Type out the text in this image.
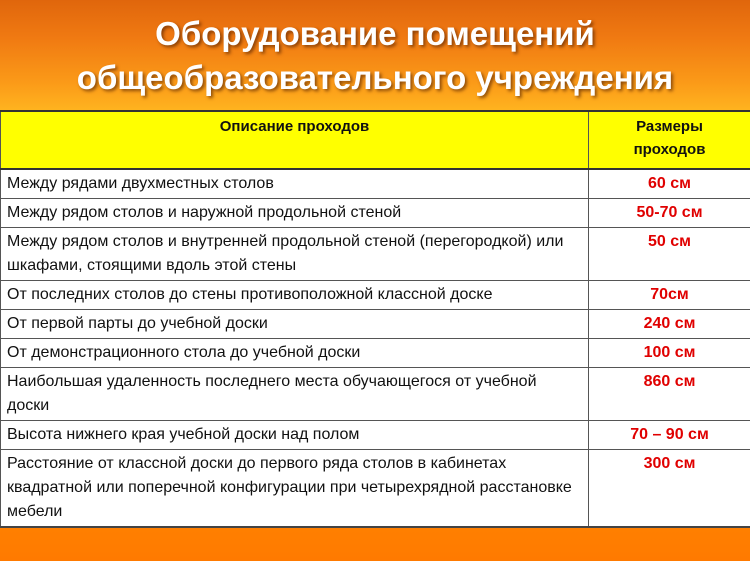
Оборудование помещений
общеобразовательного учреждения
Описание проходов	Размеры
проходов

Между рядами двухместных столов	60 см
Между рядом столов и наружной продольной стеной	50-70 см
Между рядом столов и внутренней продольной стеной (перегородкой) или шкафами, стоящими вдоль этой стены	50 см
От последних столов до стены противоположной классной доске	70см
От первой парты до учебной доски	240 см
От демонстрационного стола до учебной доски	100 см
Наибольшая удаленность последнего места обучающегося от учебной доски	860 см
Высота нижнего края учебной доски над полом	70 – 90 см
Расстояние от классной доски до первого ряда столов в кабинетах квадратной или поперечной конфигурации при четырехрядной расстановке мебели	300 см
